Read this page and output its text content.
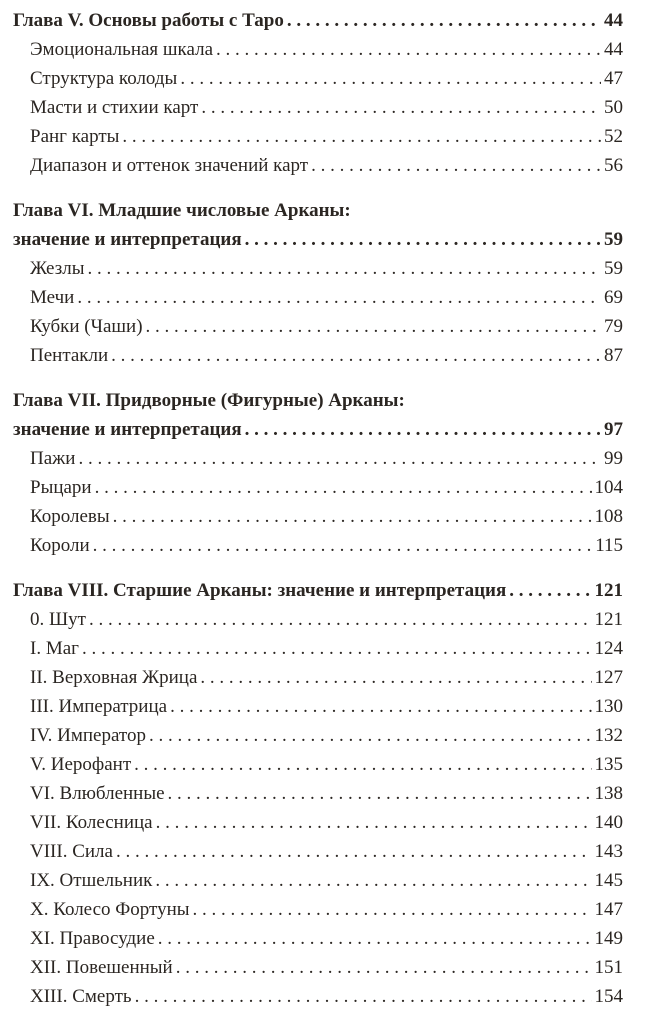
Глава V. Основы работы с Таро . . .	44
Эмоциональная шкала . . .	44
Структура колоды . . .	47
Масти и стихии карт . . .	50
Ранг карты . . .	52
Диапазон и оттенок значений карт . . .	56
Глава VI. Младшие числовые Арканы:
значение и интерпретация . . .	59
Жезлы . . .	59
Мечи . . .	69
Кубки (Чаши) . . .	79
Пентакли . . .	87
Глава VII. Придворные (Фигурные) Арканы:
значение и интерпретация . . .	97
Пажи . . .	99
Рыцари . . .	104
Королевы . . .	108
Короли . . .	115
Глава VIII. Старшие Арканы: значение и интерпретация . . .	121
0. Шут . . .	121
I. Маг . . .	124
II. Верховная Жрица . . .	127
III. Императрица . . .	130
IV. Император . . .	132
V. Иерофант . . .	135
VI. Влюбленные . . .	138
VII. Колесница . . .	140
VIII. Сила . . .	143
IX. Отшельник . . .	145
X. Колесо Фортуны . . .	147
XI. Правосудие . . .	149
XII. Повешенный . . .	151
XIII. Смерть . . .	154
